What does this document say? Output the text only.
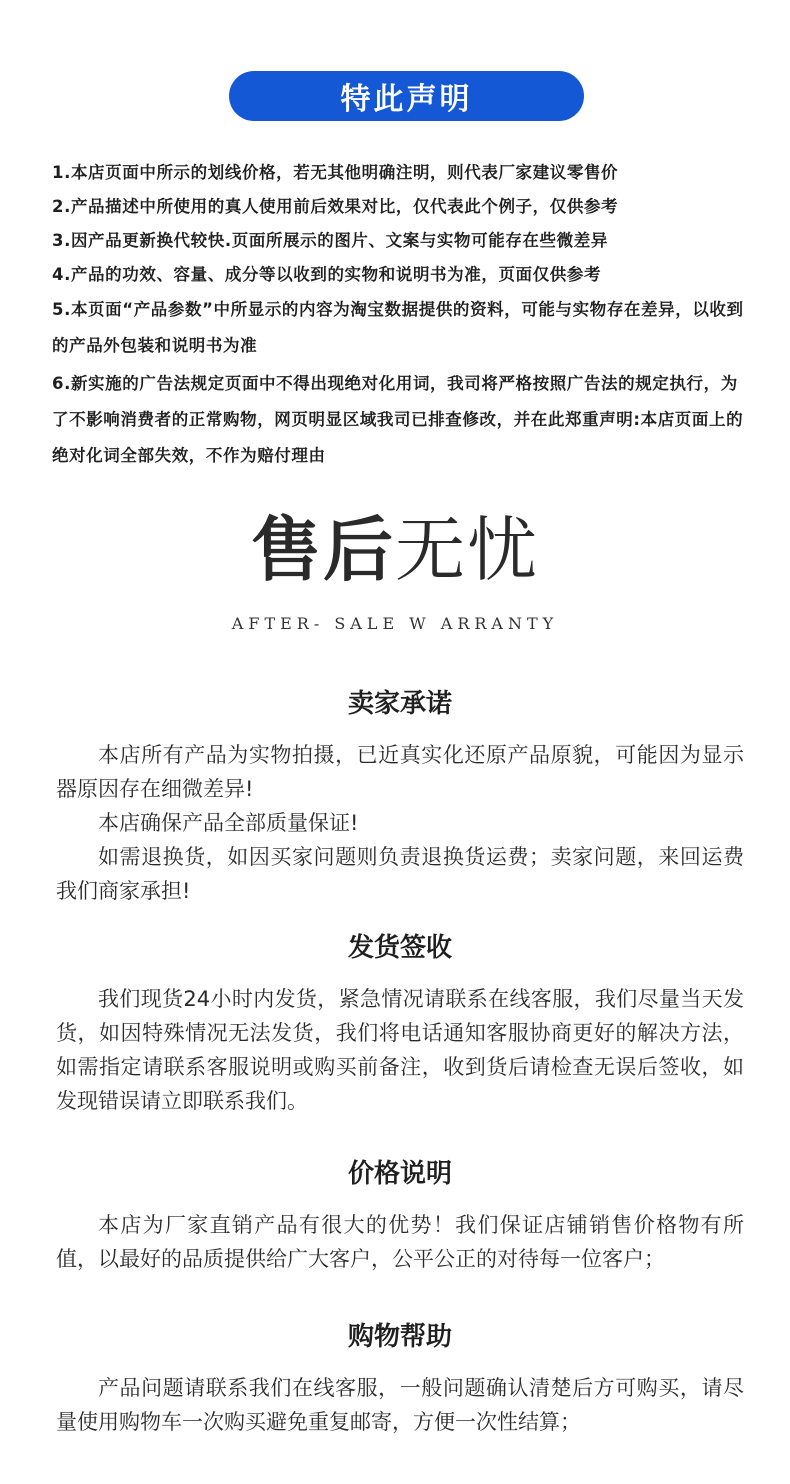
特此声明

1.本店页面中所示的划线价格，若无其他明确注明，则代表厂家建议零售价

2.产品描述中所使用的真人使用前后效果对比，仅代表此个例子，仅供参考

3.因产品更新换代较快.页面所展示的图片、文案与实物可能存在些微差异

4.产品的功效、容量、成分等以收到的实物和说明书为准，页面仅供参考

5.本页面“产品参数”中所显示的内容为淘宝数据提供的资料，可能与实物存在差异，以收到的产品外包装和说明书为准

6.新实施的广告法规定页面中不得出现绝对化用词，我司将严格按照广告法的规定执行，为了不影响消费者的正常购物，网页明显区域我司已排查修改，并在此郑重声明:本店页面上的绝对化词全部失效，不作为赔付理由

售后无忧
AFTER- SALE W ARRANTY
卖家承诺

本店所有产品为实物拍摄，已近真实化还原产品原貌，可能因为显示器原因存在细微差异!

本店确保产品全部质量保证!

如需退换货，如因买家问题则负责退换货运费；卖家问题，来回运费我们商家承担!

发货签收

我们现货24小时内发货，紧急情况请联系在线客服，我们尽量当天发货，如因特殊情况无法发货，我们将电话通知客服协商更好的解决方法，如需指定请联系客服说明或购买前备注，收到货后请检查无误后签收，如发现错误请立即联系我们。

价格说明

本店为厂家直销产品有很大的优势！我们保证店铺销售价格物有所值，以最好的品质提供给广大客户，公平公正的对待每一位客户；

购物帮助

产品问题请联系我们在线客服，一般问题确认清楚后方可购买，请尽量使用购物车一次购买避免重复邮寄，方便一次性结算；
